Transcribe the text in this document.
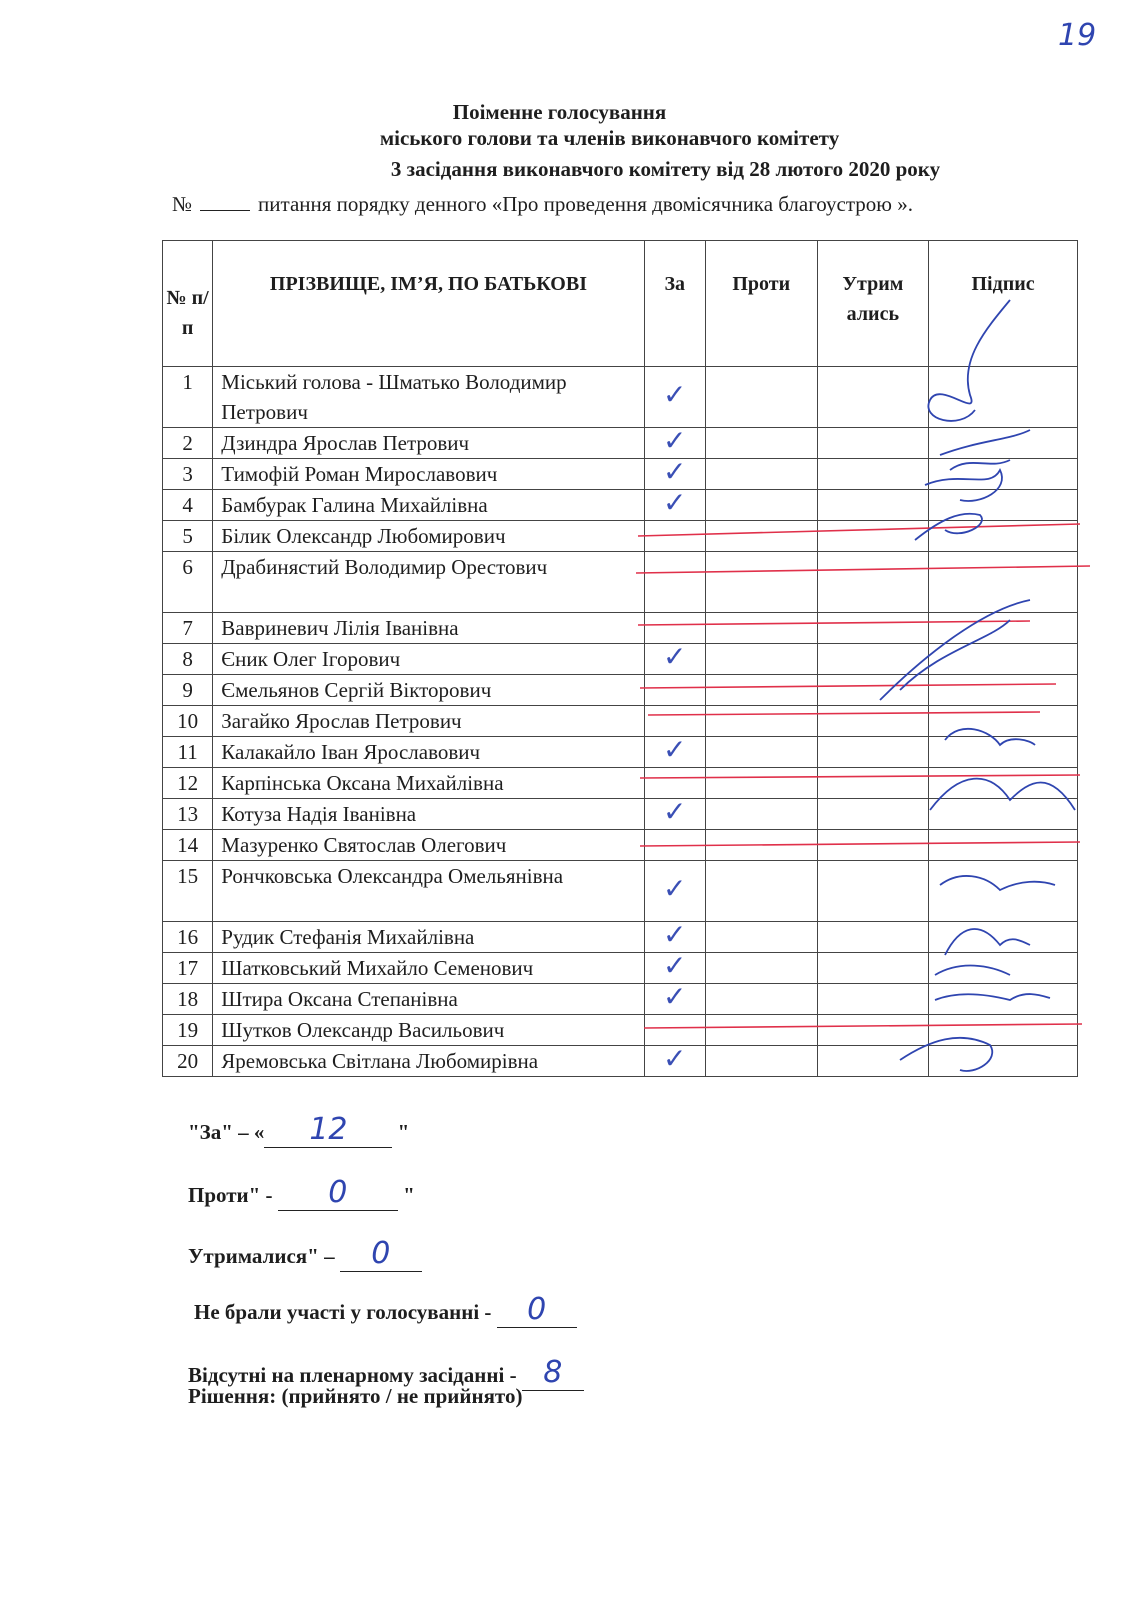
19
Поіменне голосування
міського голови та членів виконавчого комітету
3 засідання виконавчого комітету від 28 лютого 2020 року
№	питання порядку денного «Про проведення двомісячника благоустрою ».
№ п/ п	ПРІЗВИЩЕ, ІМ’Я, ПО БАТЬКОВІ	За	Проти	Утрим ались	Підпис
1	Міський голова - Шматько Володимир Петрович	✓			
2	Дзиндра Ярослав Петрович	✓			
3	Тимофій Роман Мирославович	✓			
4	Бамбурак Галина Михайлівна	✓			
5	Білик Олександр Любомирович				
6	Драбинястий Володимир Орестович				
7	Вавриневич Лілія Іванівна				
8	Єник Олег Ігорович	✓			
9	Ємельянов Сергій Вікторович				
10	Загайко Ярослав Петрович				
11	Калакайло Іван Ярославович	✓			
12	Карпінська Оксана Михайлівна				
13	Котуза Надія Іванівна	✓			
14	Мазуренко Святослав Олегович				
15	Рончковська Олександра Омельянівна	✓			
16	Рудик Стефанія Михайлівна	✓			
17	Шатковський Михайло Семенович	✓			
18	Штира Оксана Степанівна	✓			
19	Шутков Олександр Васильович				
20	Яремовська Світлана Любомирівна	✓			
"За" – « 12 "
Проти" - 0	"
Утрималися" – 0
Не брали участі у голосуванні - 0
Відсутні на пленарному засіданні - 8
Рішення: (прийнято / не прийнято)
